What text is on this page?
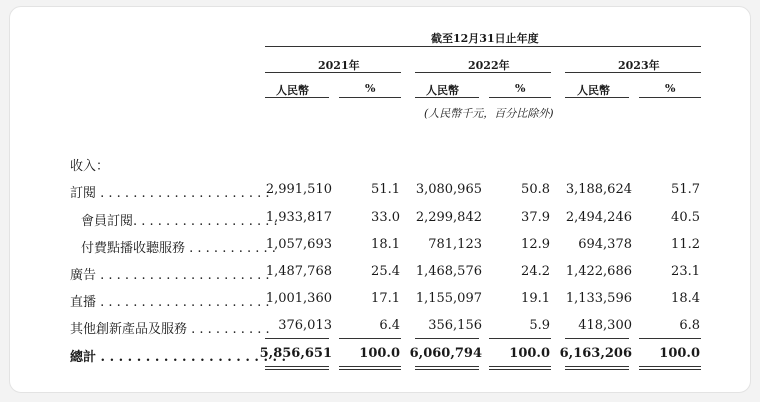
截至12月31日止年度
2021年	2022年	2023年
人民幣	%	人民幣	%	人民幣	%
(人民幣千元，百分比除外)
收入：
訂閱 . . . . . . . . . . . . . . . . . . . . .
2,991,510	51.1 3,080,965	50.8 3,188,624	51.7
會員訂閱. . . . . . . . . . . . . . . . . .
1,933,817	33.0 2,299,842	37.9 2,494,246	40.5
付費點播收聽服務 . . . . . . . . . . .
1,057,693	18.1 781,123	12.9 694,378	11.2
廣告 . . . . . . . . . . . . . . . . . . . . .
1,487,768	25.4 1,468,576	24.2 1,422,686	23.1
直播 . . . . . . . . . . . . . . . . . . . . .
1,001,360	17.1 1,155,097	19.1 1,133,596	18.4
其他創新產品及服務 . . . . . . . . . . 376,013	6.4 356,156	5.9 418,300	6.8
總計 . . . . . . . . . . . . . . . . . . . . .
5,856,651 100.0 6,060,794 100.0 6,163,206 100.0
